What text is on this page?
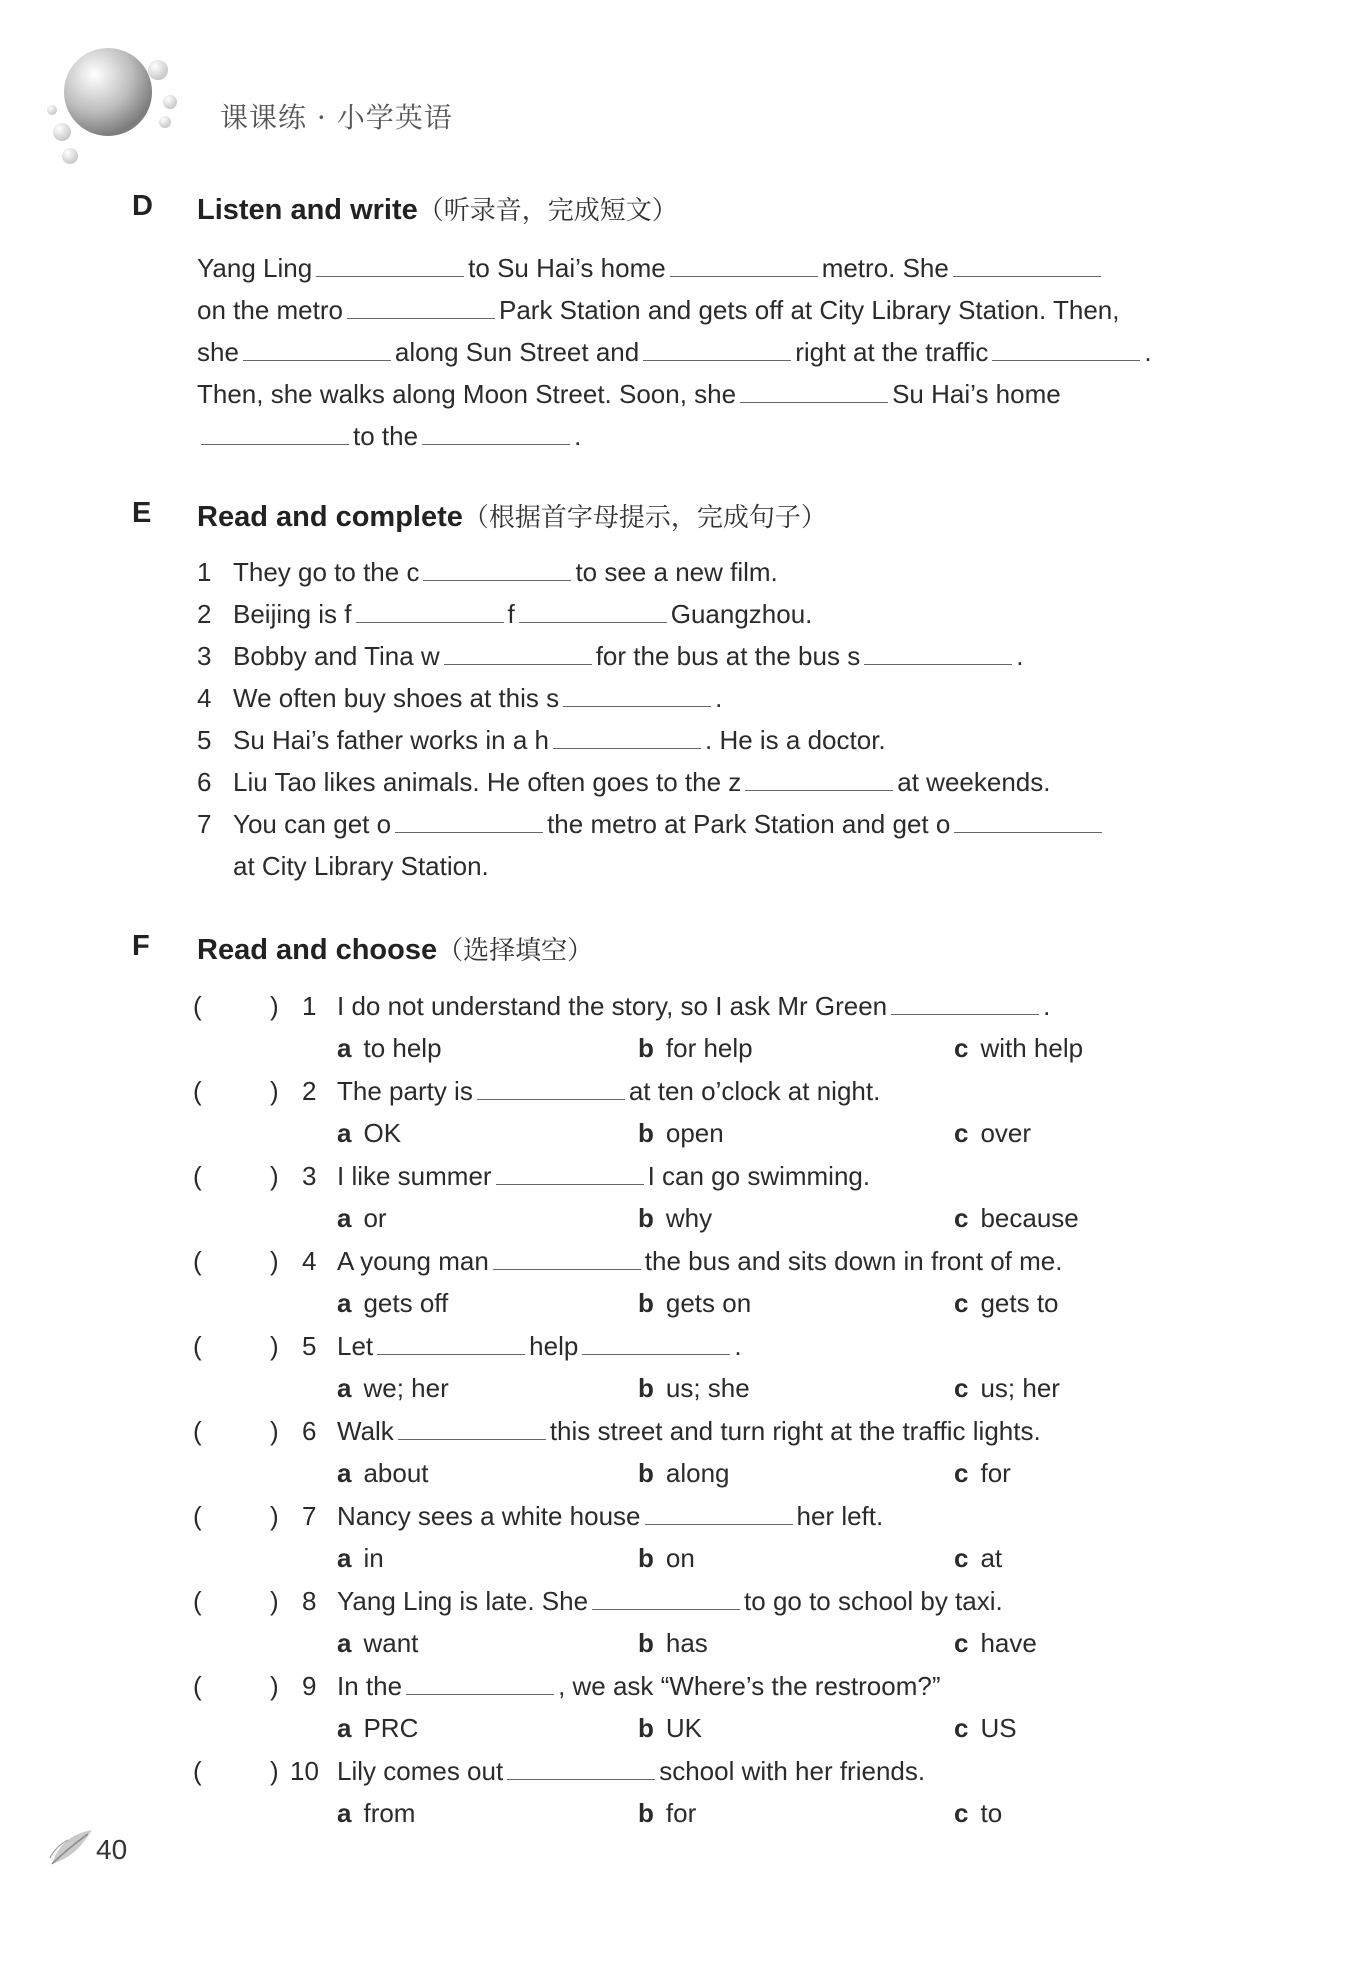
课课练 · 小学英语
D Listen and write（听录音，完成短文）
E Read and complete（根据首字母提示，完成句子）
F Read and choose（选择填空）
Yang Ling	to Su Hai’s home	metro. She
on the metro	Park Station and gets off at City Library Station. Then,
she	along Sun Street and	right at the traffic	.
Then, she walks along Moon Street. Soon, she	Su Hai’s home
to the	.
1 They go to the c	to see a new film.
2 Beijing is f	f	Guangzhou.
3 Bobby and Tina w	for the bus at the bus s	.
4 We often buy shoes at this s	.
5 Su Hai’s father works in a h	. He is a doctor.
6 Liu Tao likes animals. He often goes to the z	at weekends.
7 You can get o	the metro at Park Station and get o
at City Library Station.
(	) 1 I do not understand the story, so I ask Mr Green	.
a to help	b for help	c with help
(	) 2 The party is	at ten o’clock at night.
a OK	b open	c over
(	) 3 I like summer	I can go swimming.
a or	b why	c because
(	) 4 A young man	the bus and sits down in front of me.
a gets off	b gets on	c gets to
(	) 5 Let	help	.
a we; her	b us; she	c us; her
(	) 6 Walk	this street and turn right at the traffic lights.
a about	b along	c for
(	) 7 Nancy sees a white house	her left.
a in	b on	c at
(	) 8 Yang Ling is late. She	to go to school by taxi.
a want	b has	c have
(	) 9 In the	, we ask “Where’s the restroom?”
a PRC	b UK	c US
(	) 10 Lily comes out	school with her friends.
a from	b for	c to
40
